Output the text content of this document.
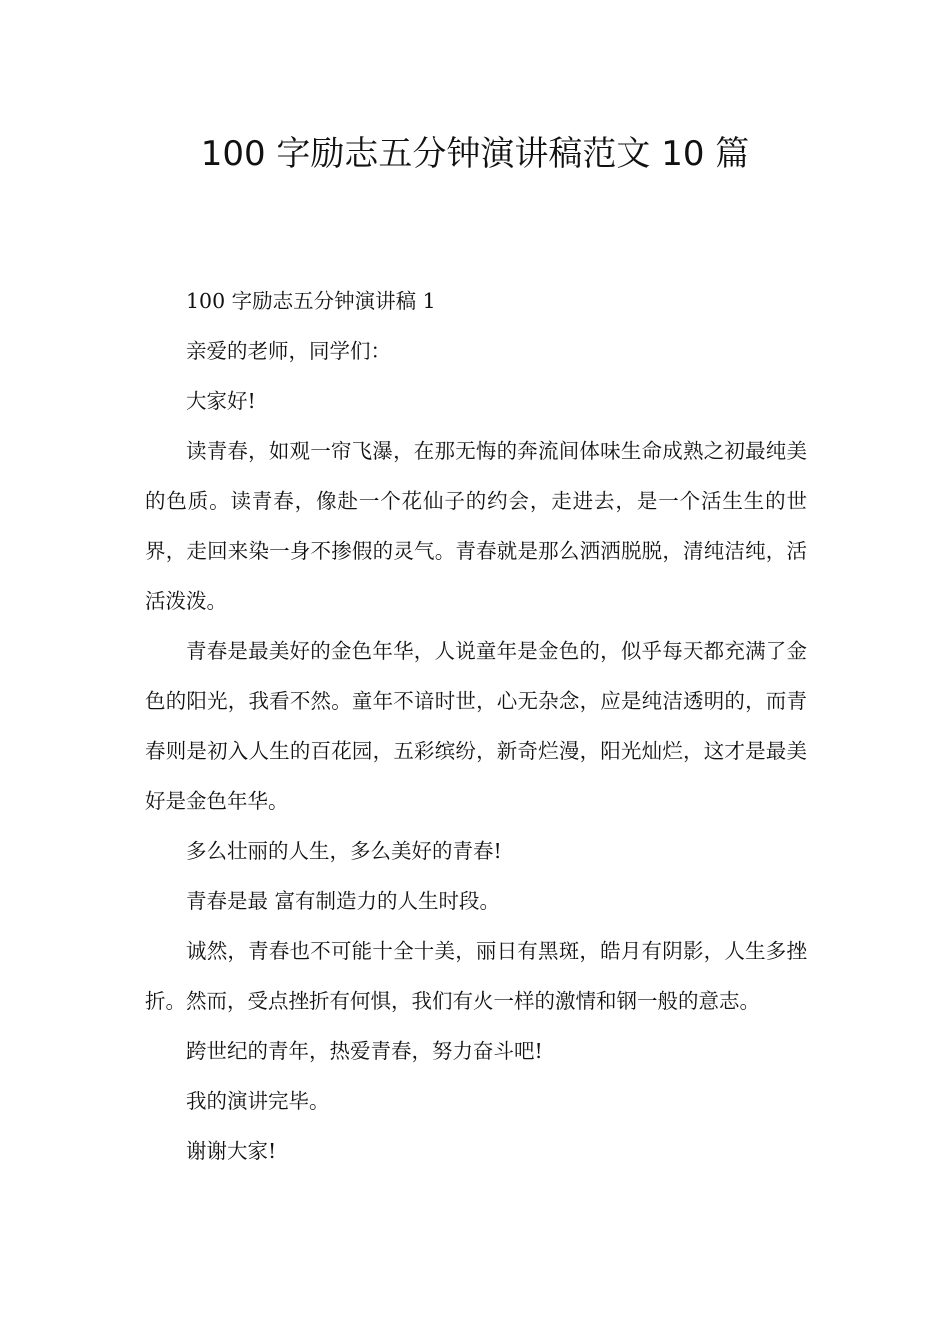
100 字励志五分钟演讲稿范文 10 篇

100 字励志五分钟演讲稿 1

亲爱的老师，同学们：

大家好!

读青春，如观一帘飞瀑，在那无悔的奔流间体味生命成熟之初最纯美的色质。读青春，像赴一个花仙子的约会，走进去，是一个活生生的世界，走回来染一身不掺假的灵气。青春就是那么洒洒脱脱，清纯洁纯，活活泼泼。

青春是最美好的金色年华，人说童年是金色的，似乎每天都充满了金色的阳光，我看不然。童年不谙时世，心无杂念，应是纯洁透明的，而青春则是初入人生的百花园，五彩缤纷，新奇烂漫，阳光灿烂，这才是最美好是金色年华。

多么壮丽的人生，多么美好的青春!

青春是最 富有制造力的人生时段。

诚然，青春也不可能十全十美，丽日有黑斑，皓月有阴影，人生多挫折。然而，受点挫折有何惧，我们有火一样的激情和钢一般的意志。

跨世纪的青年，热爱青春，努力奋斗吧!

我的演讲完毕。

谢谢大家!
